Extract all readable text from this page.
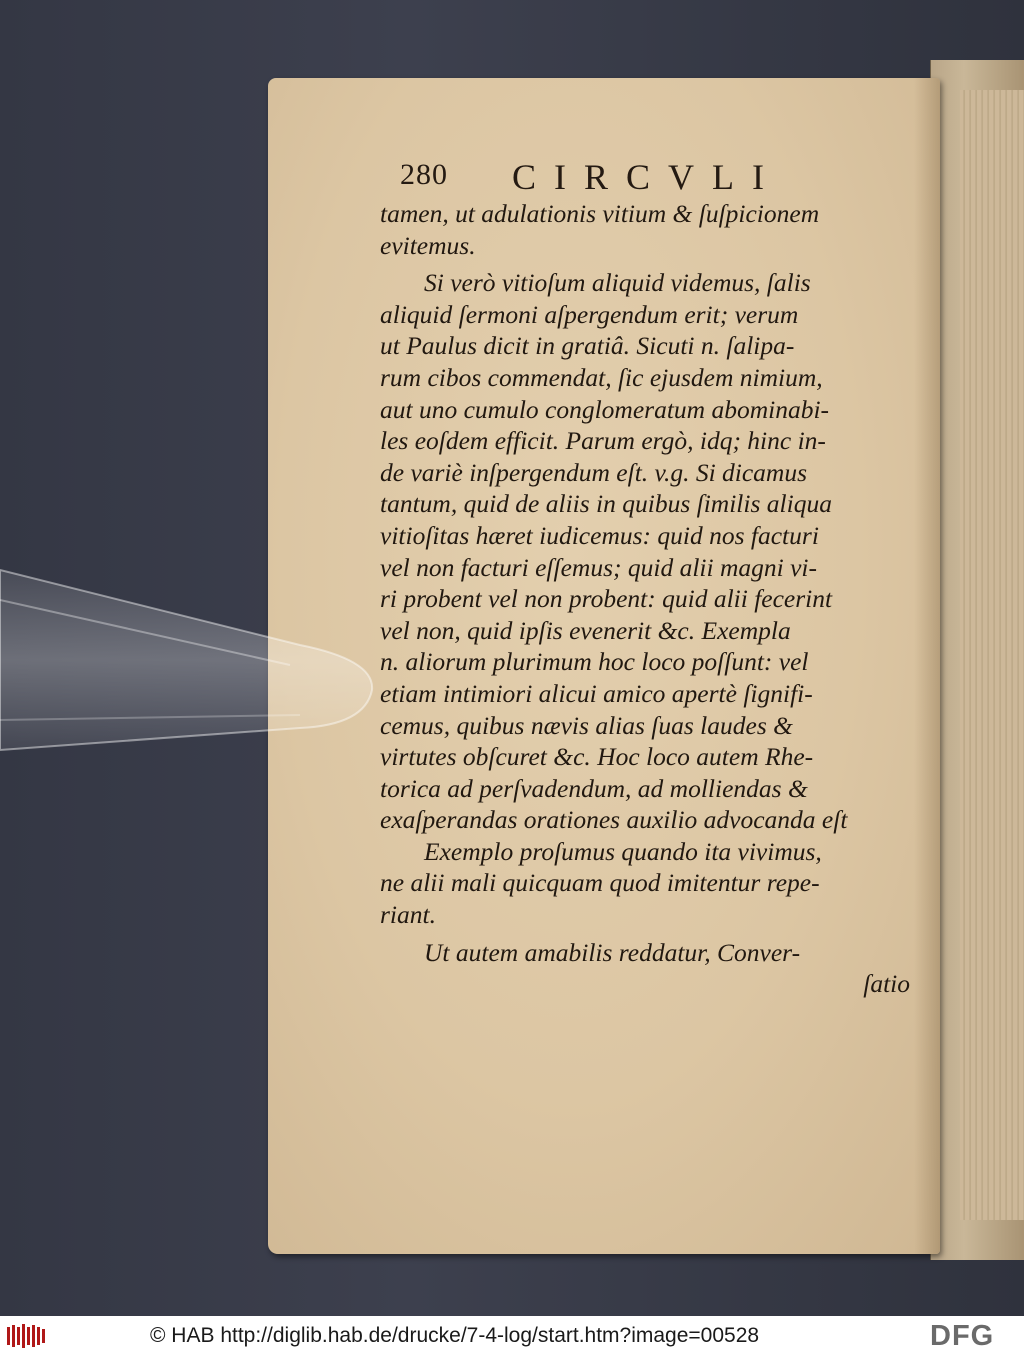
280 CIRCVLI
tamen, ut adulationis vitium & ſuſpicionem
evitemus.
Si verò vitioſum aliquid videmus, ſalis
aliquid ſermoni aſpergendum erit; verum
ut Paulus dicit in gratiâ. Sicuti n. ſalipa-
rum cibos commendat, ſic ejusdem nimium,
aut uno cumulo conglomeratum abominabi-
les eoſdem efficit. Parum ergò, idq; hinc in-
de variè inſpergendum eſt. v.g. Si dicamus
tantum, quid de aliis in quibus ſimilis aliqua
vitioſitas hæret iudicemus: quid nos facturi
vel non facturi eſſemus; quid alii magni vi-
ri probent vel non probent: quid alii fecerint
vel non, quid ipſis evenerit &c. Exempla
n. aliorum plurimum hoc loco poſſunt: vel
etiam intimiori alicui amico apertè ſignifi-
cemus, quibus nævis alias ſuas laudes &
virtutes obſcuret &c. Hoc loco autem Rhe-
torica ad perſvadendum, ad molliendas &
exaſperandas orationes auxilio advocanda eſt
Exemplo proſumus quando ita vivimus,
ne alii mali quicquam quod imitentur repe-
riant.
Ut autem amabilis reddatur, Conver-
ſatio
© HAB http://diglib.hab.de/drucke/7-4-log/start.htm?image=00528	DFG
